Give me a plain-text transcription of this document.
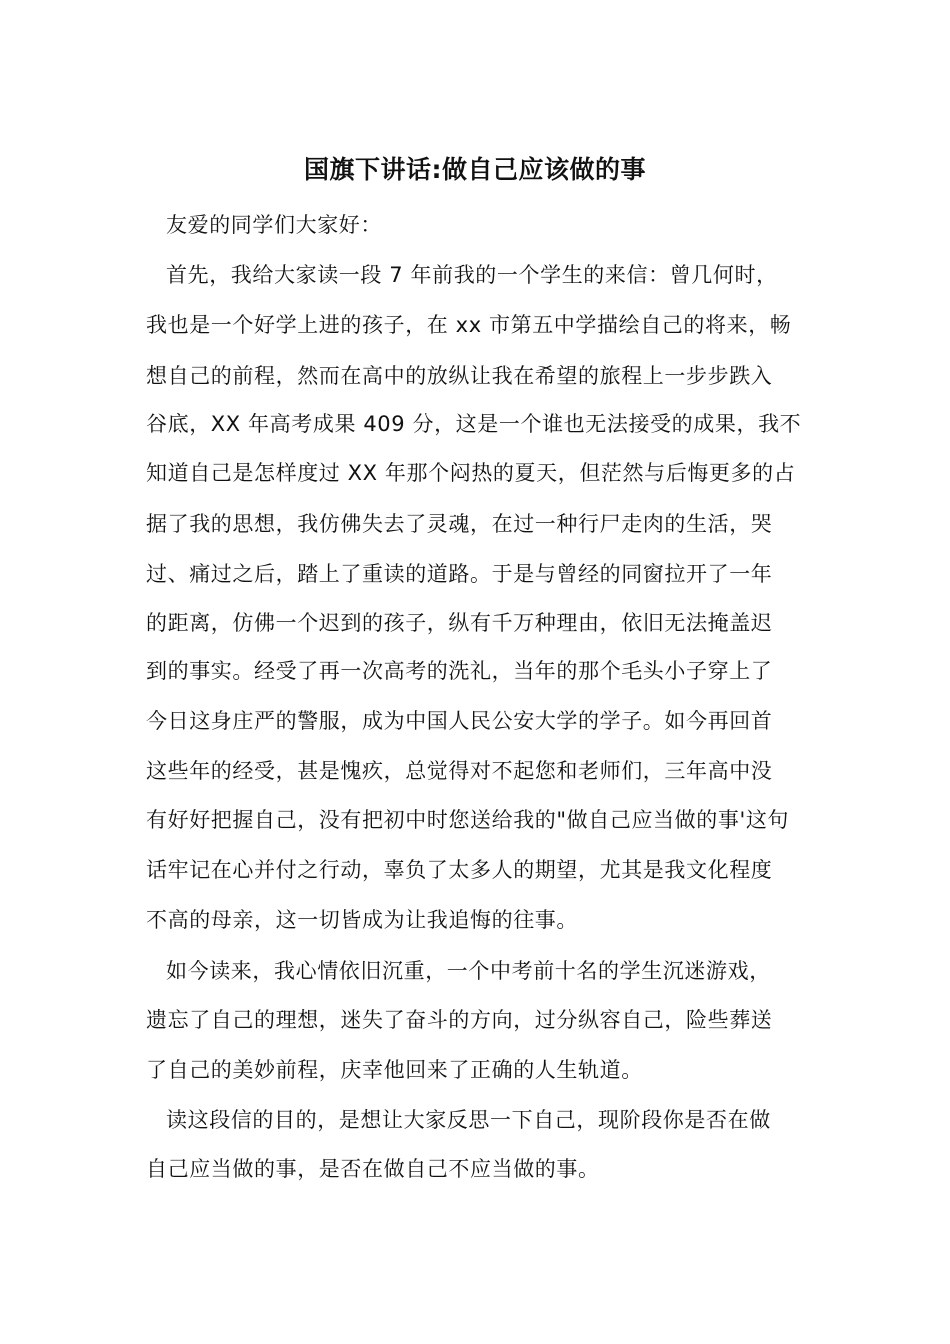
国旗下讲话:做自己应该做的事
友爱的同学们大家好：
首先，我给大家读一段 7 年前我的一个学生的来信：曾几何时，
我也是一个好学上进的孩子，在 xx 市第五中学描绘自己的将来，畅
想自己的前程，然而在高中的放纵让我在希望的旅程上一步步跌入
谷底，XX 年高考成果 409 分，这是一个谁也无法接受的成果，我不
知道自己是怎样度过 XX 年那个闷热的夏天，但茫然与后悔更多的占
据了我的思想，我仿佛失去了灵魂，在过一种行尸走肉的生活，哭
过、痛过之后，踏上了重读的道路。于是与曾经的同窗拉开了一年
的距离，仿佛一个迟到的孩子，纵有千万种理由，依旧无法掩盖迟
到的事实。经受了再一次高考的洗礼，当年的那个毛头小子穿上了
今日这身庄严的警服，成为中国人民公安大学的学子。如今再回首
这些年的经受，甚是愧疚，总觉得对不起您和老师们，三年高中没
有好好把握自己，没有把初中时您送给我的"做自己应当做的事'这句
话牢记在心并付之行动，辜负了太多人的期望，尤其是我文化程度
不高的母亲，这一切皆成为让我追悔的往事。
如今读来，我心情依旧沉重，一个中考前十名的学生沉迷游戏，
遗忘了自己的理想，迷失了奋斗的方向，过分纵容自己，险些葬送
了自己的美妙前程，庆幸他回来了正确的人生轨道。
读这段信的目的，是想让大家反思一下自己，现阶段你是否在做
自己应当做的事，是否在做自己不应当做的事。
